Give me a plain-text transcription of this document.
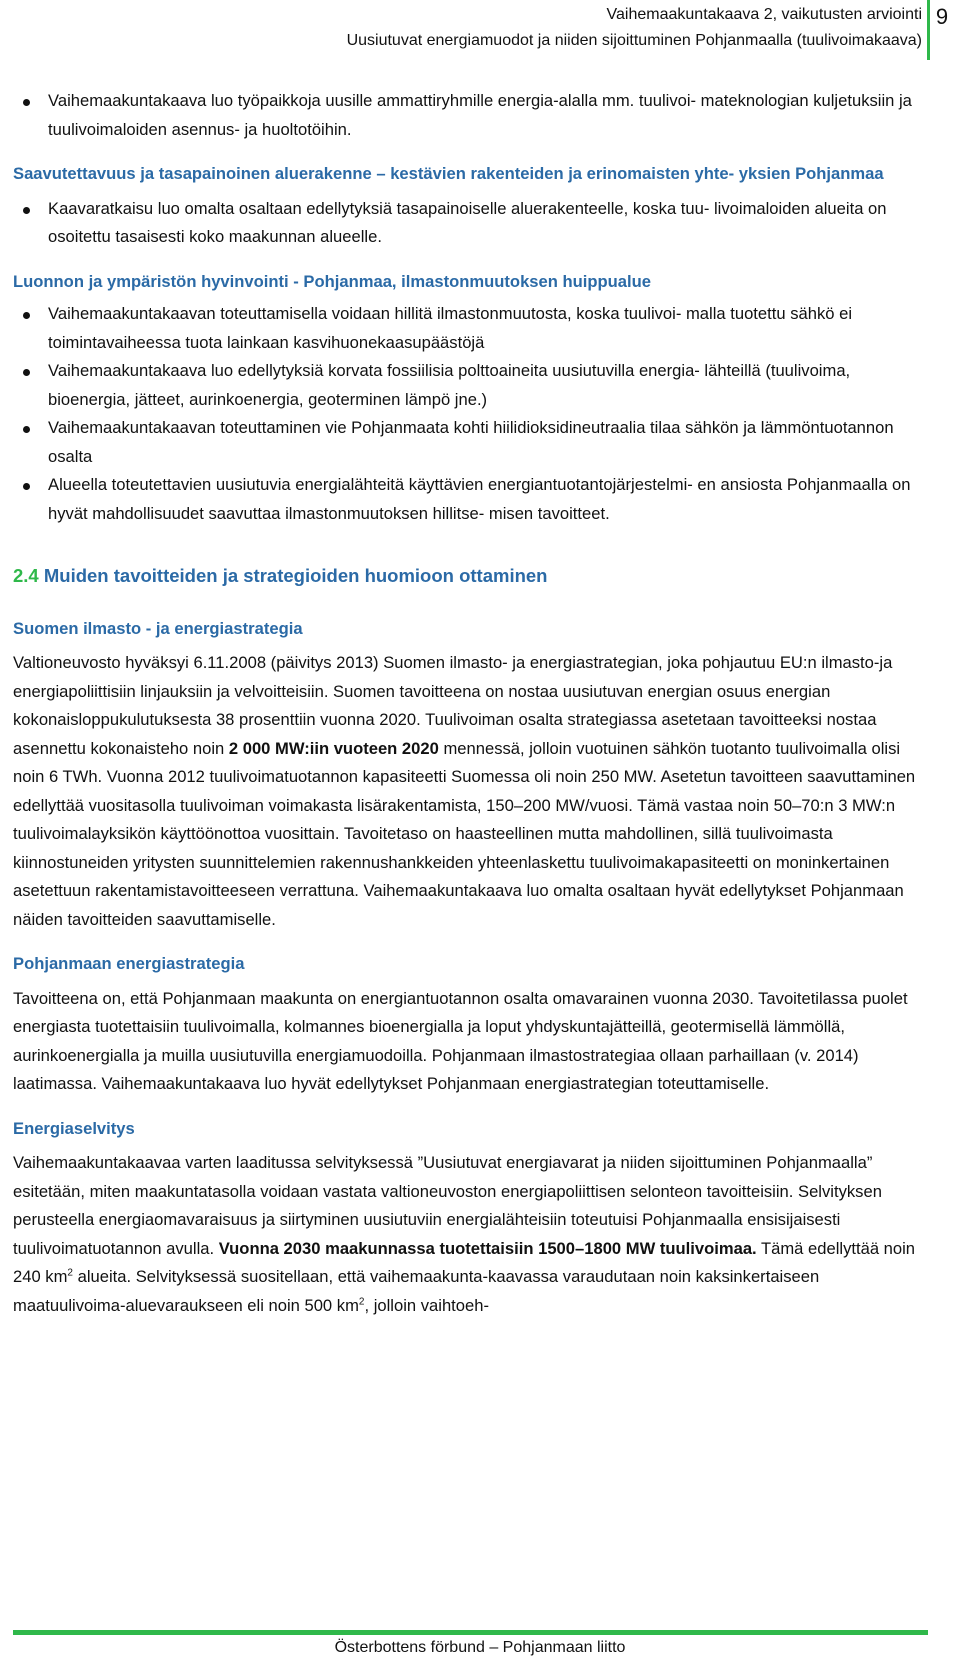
Vaihemaakuntakaava 2, vaikutusten arviointi
Uusiutuvat energiamuodot ja niiden sijoittuminen Pohjanmaalla (tuulivoimakaava)
9
Vaihemaakuntakaava luo työpaikkoja uusille ammattiryhmille energia-alalla mm. tuulivoi- mateknologian kuljetuksiin ja tuulivoimaloiden asennus- ja huoltotöihin.

Saavutettavuus ja tasapainoinen aluerakenne – kestävien rakenteiden ja erinomaisten yhte- yksien Pohjanmaa

Kaavaratkaisu luo omalta osaltaan edellytyksiä tasapainoiselle aluerakenteelle, koska tuu- livoimaloiden alueita on osoitettu tasaisesti koko maakunnan alueelle.

Luonnon ja ympäristön hyvinvointi - Pohjanmaa, ilmastonmuutoksen huippualue

Vaihemaakuntakaavan toteuttamisella voidaan hillitä ilmastonmuutosta, koska tuulivoi- malla tuotettu sähkö ei toimintavaiheessa tuota lainkaan kasvihuonekaasupäästöjä
Vaihemaakuntakaava luo edellytyksiä korvata fossiilisia polttoaineita uusiutuvilla energia- lähteillä (tuulivoima, bioenergia, jätteet, aurinkoenergia, geoterminen lämpö jne.)
Vaihemaakuntakaavan toteuttaminen vie Pohjanmaata kohti hiilidioksidineutraalia tilaa sähkön ja lämmöntuotannon osalta
Alueella toteutettavien uusiutuvia energialähteitä käyttävien energiantuotantojärjestelmi- en ansiosta Pohjanmaalla on hyvät mahdollisuudet saavuttaa ilmastonmuutoksen hillitse- misen tavoitteet.

2.4 Muiden tavoitteiden ja strategioiden huomioon ottaminen

Suomen ilmasto - ja energiastrategia

Valtioneuvosto hyväksyi 6.11.2008 (päivitys 2013) Suomen ilmasto- ja energiastrategian, joka pohjautuu EU:n ilmasto-ja energiapoliittisiin linjauksiin ja velvoitteisiin. Suomen tavoitteena on nostaa uusiutuvan energian osuus energian kokonaisloppukulutuksesta 38 prosenttiin vuonna 2020. Tuulivoiman osalta strategiassa asetetaan tavoitteeksi nostaa asennettu kokonaisteho noin 2 000 MW:iin vuoteen 2020 mennessä, jolloin vuotuinen sähkön tuotanto tuulivoimalla olisi noin 6 TWh. Vuonna 2012 tuulivoimatuotannon kapasiteetti Suomessa oli noin 250 MW. Asetetun tavoitteen saavuttaminen edellyttää vuositasolla tuulivoiman voimakasta lisärakentamista, 150–200 MW/vuosi. Tämä vastaa noin 50–70:n 3 MW:n tuulivoimalayksikön käyttöönottoa vuosittain. Tavoitetaso on haasteellinen mutta mahdollinen, sillä tuulivoimasta kiinnostuneiden yritysten suunnittelemien rakennushankkeiden yhteenlaskettu tuulivoimakapasiteetti on moninkertainen asetettuun rakentamistavoitteeseen verrattuna. Vaihemaakuntakaava luo omalta osaltaan hyvät edellytykset Pohjanmaan näiden tavoitteiden saavuttamiselle.

Pohjanmaan energiastrategia

Tavoitteena on, että Pohjanmaan maakunta on energiantuotannon osalta omavarainen vuonna 2030. Tavoitetilassa puolet energiasta tuotettaisiin tuulivoimalla, kolmannes bioenergialla ja loput yhdyskuntajätteillä, geotermisellä lämmöllä, aurinkoenergialla ja muilla uusiutuvilla energiamuodoilla. Pohjanmaan ilmastostrategiaa ollaan parhaillaan (v. 2014) laatimassa. Vaihemaakuntakaava luo hyvät edellytykset Pohjanmaan energiastrategian toteuttamiselle.

Energiaselvitys

Vaihemaakuntakaavaa varten laaditussa selvityksessä ”Uusiutuvat energiavarat ja niiden sijoittuminen Pohjanmaalla” esitetään, miten maakuntatasolla voidaan vastata valtioneuvoston energiapoliittisen selonteon tavoitteisiin. Selvityksen perusteella energiaomavaraisuus ja siirtyminen uusiutuviin energialähteisiin toteutuisi Pohjanmaalla ensisijaisesti tuulivoimatuotannon avulla. Vuonna 2030 maakunnassa tuotettaisiin 1500–1800 MW tuulivoimaa. Tämä edellyttää noin 240 $km^2$ alueita. Selvityksessä suositellaan, että vaihemaakunta-kaavassa varaudutaan noin kaksinkertaiseen maatuulivoima-aluevaraukseen eli noin 500 $km^2$, jolloin vaihtoeh-

Österbottens förbund – Pohjanmaan liitto
